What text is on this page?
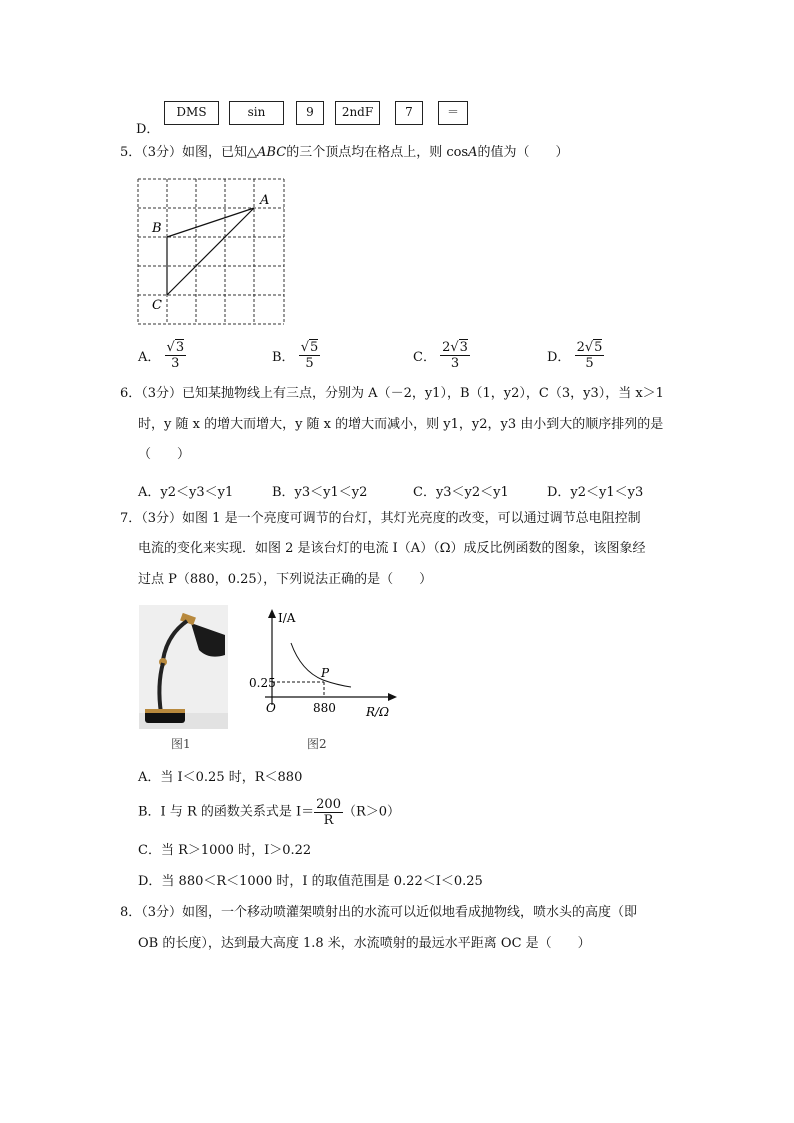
D．
DMS	sin	9	2ndF	7	＝
5．（3分）如图，已知△ABC的三个顶点均在格点上，则 cosA的值为（　　）
A
B
C
A． $\frac{√3}{3}$	B． $\frac{√5}{5}$	C． $\frac{2√3}{3}$	D． $\frac{2√5}{5}$
6．（3分）已知某抛物线上有三点，分别为 A（－2，y1），B（1，y2），C（3，y3），当 x＞1
时，y 随 x 的增大而增大，y 随 x 的增大而减小，则 y1，y2，y3 由小到大的顺序排列的是
（　　）
A．y2＜y3＜y1	B．y3＜y1＜y2	C．y3＜y2＜y1	D．y2＜y1＜y3
7．（3分）如图 1 是一个亮度可调节的台灯，其灯光亮度的改变，可以通过调节总电阻控制
电流的变化来实现．如图 2 是该台灯的电流 I（A）（Ω）成反比例函数的图象，该图象经
过点 P（880，0.25），下列说法正确的是（　　）
图1
I/A
P
0.25
O	880	R/Ω
图2
A．当 I＜0.25 时，R＜880
B．I 与 R 的函数关系式是 $I= \frac{200}{R} (R>0)$
C．当 R＞1000 时，I＞0.22
D．当 880＜R＜1000 时，I 的取值范围是 0.22＜I＜0.25
8．（3分）如图，一个移动喷灌架喷射出的水流可以近似地看成抛物线，喷水头的高度（即
OB 的长度），达到最大高度 1.8 米，水流喷射的最远水平距离 OC 是（　　）
